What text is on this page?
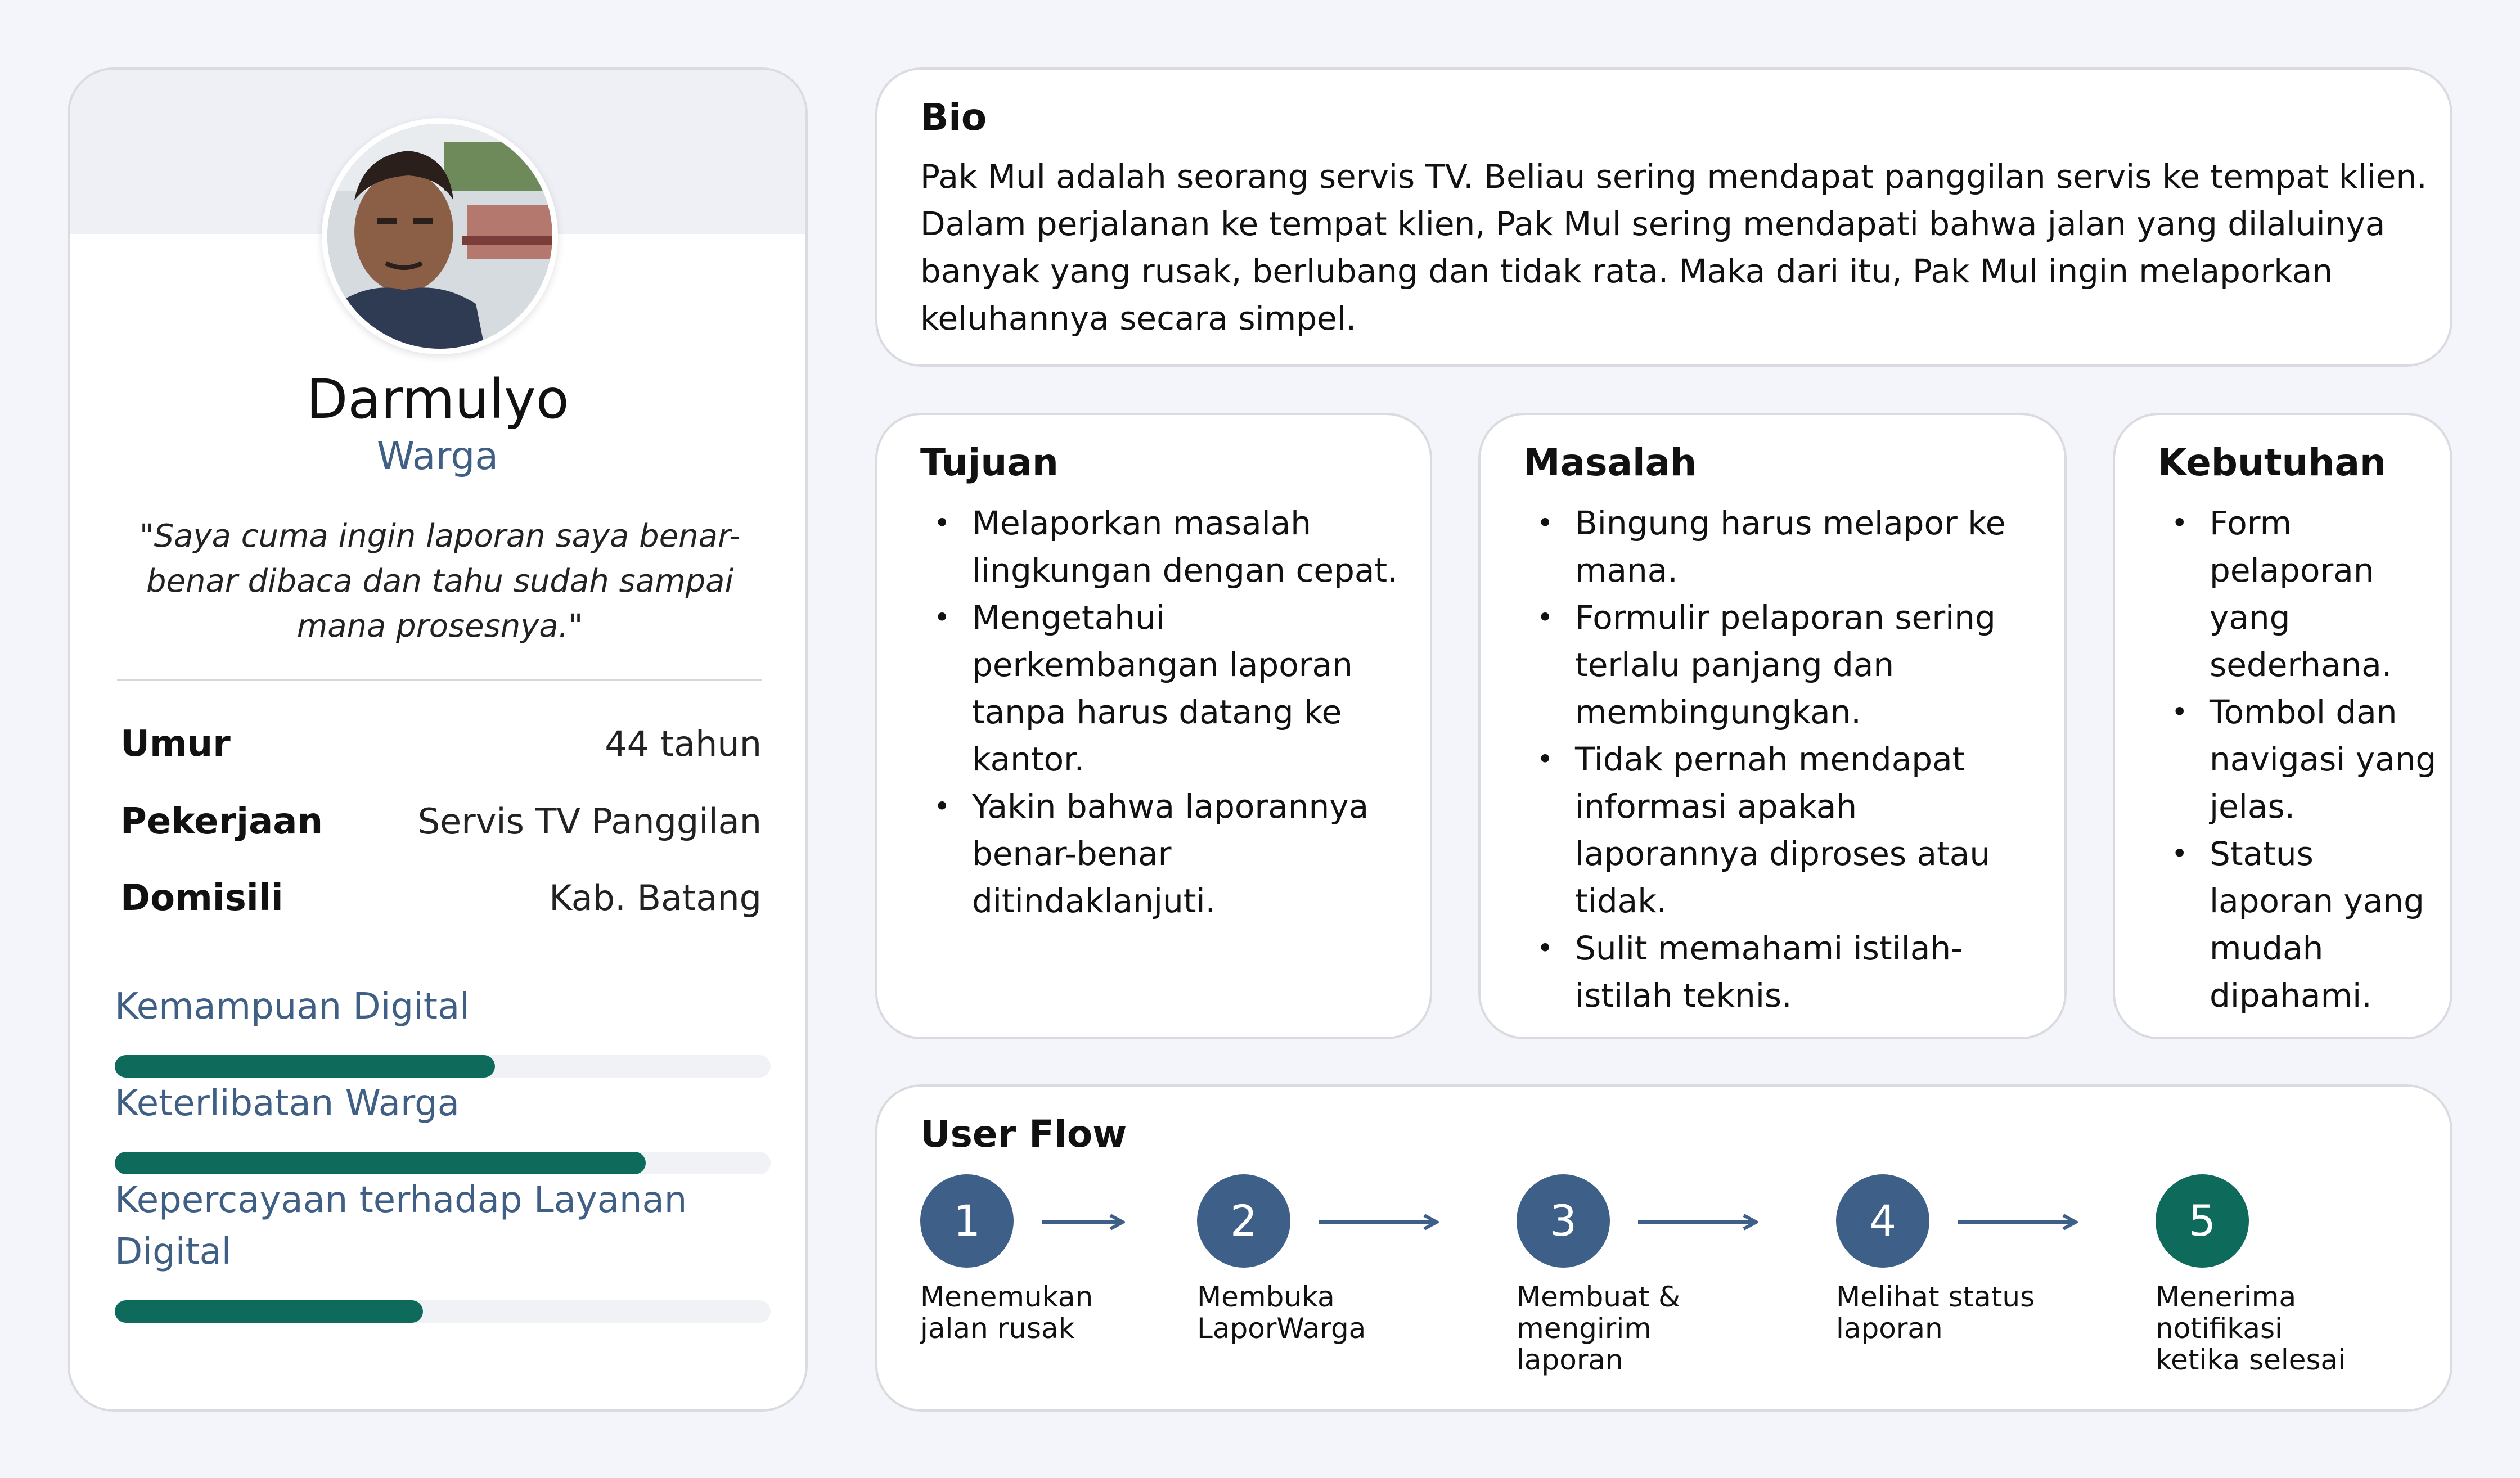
Darmulyo
Warga
"Saya cuma ingin laporan saya benar-benar dibaca dan tahu sudah sampai mana prosesnya."
Umur	44 tahun
Pekerjaan	Servis TV Panggilan
Domisili	Kab. Batang
Kemampuan Digital
Keterlibatan Warga
Kepercayaan terhadap Layanan Digital
Bio
Pak Mul adalah seorang servis TV. Beliau sering mendapat panggilan servis ke tempat klien. Dalam perjalanan ke tempat klien, Pak Mul sering mendapati bahwa jalan yang dilaluinya banyak yang rusak, berlubang dan tidak rata. Maka dari itu, Pak Mul ingin melaporkan keluhannya secara simpel.
Tujuan
• Melaporkan masalah lingkungan dengan cepat.
• Mengetahui perkembangan laporan tanpa harus datang ke kantor.
• Yakin bahwa laporannya benar-benar ditindaklanjuti.
Masalah
• Bingung harus melapor ke mana.
• Formulir pelaporan sering terlalu panjang dan membingungkan.
• Tidak pernah mendapat informasi apakah laporannya diproses atau tidak.
• Sulit memahami istilah-istilah teknis.
Kebutuhan
• Form pelaporan yang sederhana.
• Tombol dan navigasi yang jelas.
• Status laporan yang mudah dipahami.
User Flow
1
Menemukan jalan rusak
2
Membuka LaporWarga
3
Membuat & mengirim laporan
4
Melihat status laporan
5
Menerima notifikasi ketika selesai
